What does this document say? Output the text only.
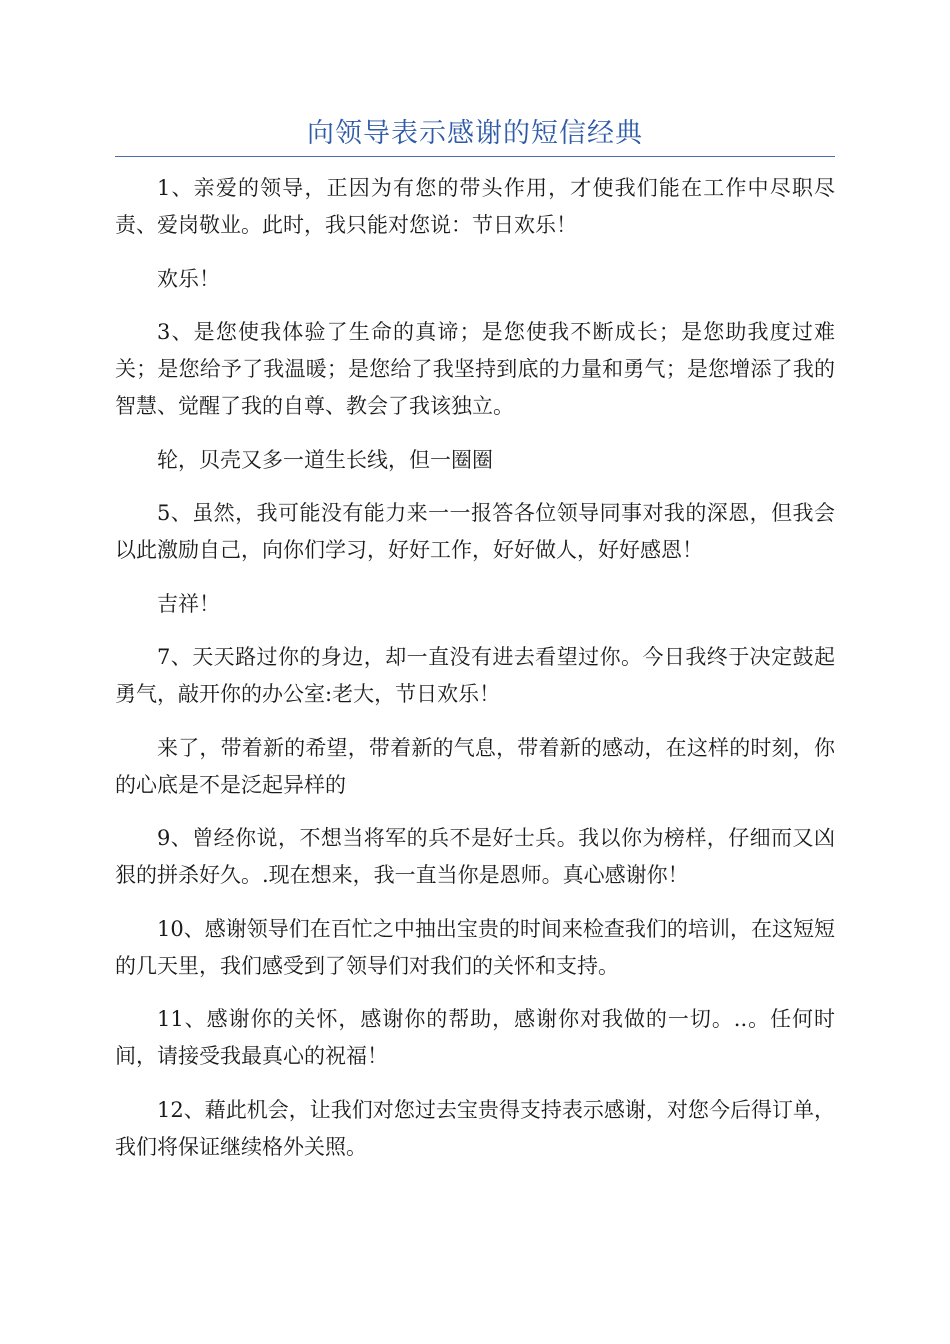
向领导表示感谢的短信经典

1、亲爱的领导，正因为有您的带头作用，才使我们能在工作中尽职尽责、爱岗敬业。此时，我只能对您说：节日欢乐！

欢乐！

3、是您使我体验了生命的真谛；是您使我不断成长；是您助我度过难关；是您给予了我温暖；是您给了我坚持到底的力量和勇气；是您增添了我的智慧、觉醒了我的自尊、教会了我该独立。

轮，贝壳又多一道生长线，但一圈圈

5、虽然，我可能没有能力来一一报答各位领导同事对我的深恩，但我会以此激励自己，向你们学习，好好工作，好好做人，好好感恩！

吉祥！

7、天天路过你的身边，却一直没有进去看望过你。今日我终于决定鼓起勇气，敲开你的办公室:老大，节日欢乐！

来了，带着新的希望，带着新的气息，带着新的感动，在这样的时刻，你的心底是不是泛起异样的

9、曾经你说，不想当将军的兵不是好士兵。我以你为榜样，仔细而又凶狠的拼杀好久。.现在想来，我一直当你是恩师。真心感谢你！

10、感谢领导们在百忙之中抽出宝贵的时间来检查我们的培训，在这短短的几天里，我们感受到了领导们对我们的关怀和支持。

11、感谢你的关怀，感谢你的帮助，感谢你对我做的一切。..。任何时间，请接受我最真心的祝福！

12、藉此机会，让我们对您过去宝贵得支持表示感谢，对您今后得订单，我们将保证继续格外关照。
